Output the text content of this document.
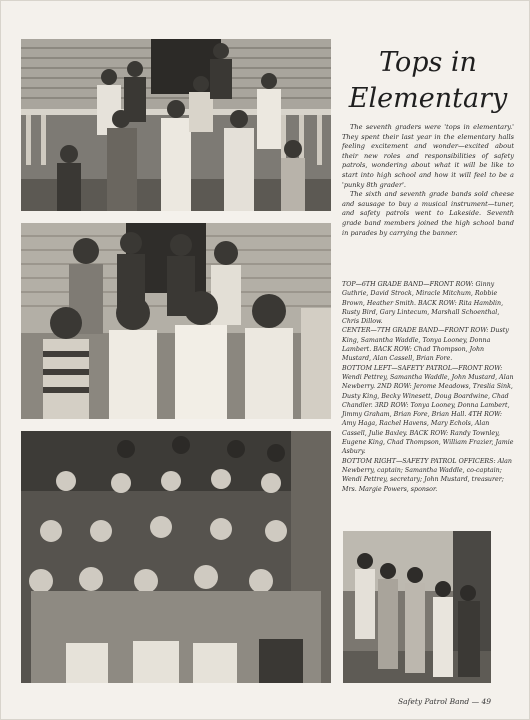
Tops in
Elementary

The seventh graders were 'tops in elementary.' They spent their last year in the elementary halls feeling excitement and wonder—excited about their new roles and responsibilities of safety patrols, wondering about what it will be like to start into high school and how it will feel to be a 'punky 8th grader'.

The sixth and seventh grade bands sold cheese and sausage to buy a musical instrument—tuner, and safety patrols went to Lakeside. Seventh grade band members joined the high school band in parades by carrying the banner.

TOP—6TH GRADE BAND—FRONT ROW: Ginny Guthrie, David Strock, Miracle Mitchum, Robbie Brown, Heather Smith. BACK ROW: Rita Hamblin, Rusty Bird, Gary Lintecum, Marshall Schoenthal, Chris Dillow.

CENTER—7TH GRADE BAND—FRONT ROW: Dusty King, Samantha Waddle, Tonya Looney, Donna Lambert. BACK ROW: Chad Thompson, John Mustard, Alan Cassell, Brian Fore.

BOTTOM LEFT—SAFETY PATROL—FRONT ROW: Wendi Pettrey, Samantha Waddle, John Mustard, Alan Newberry. 2ND ROW: Jerome Meadows, Treslia Sink, Dusty King, Becky Winesett, Doug Boardwine, Chad Chandler. 3RD ROW: Tonya Looney, Donna Lambert, Jimmy Graham, Brian Fore, Brian Hall. 4TH ROW: Amy Haga, Rachel Havens, Mary Echols, Alan Cassell, Julie Baxley. BACK ROW: Randy Townley, Eugene King, Chad Thompson, William Frazier, Jamie Asbury.

BOTTOM RIGHT—SAFETY PATROL OFFICERS: Alan Newberry, captain; Samantha Waddle, co-captain; Wendi Pettrey, secretary; John Mustard, treasurer; Mrs. Margie Powers, sponsor.

Safety Patrol Band — 49
